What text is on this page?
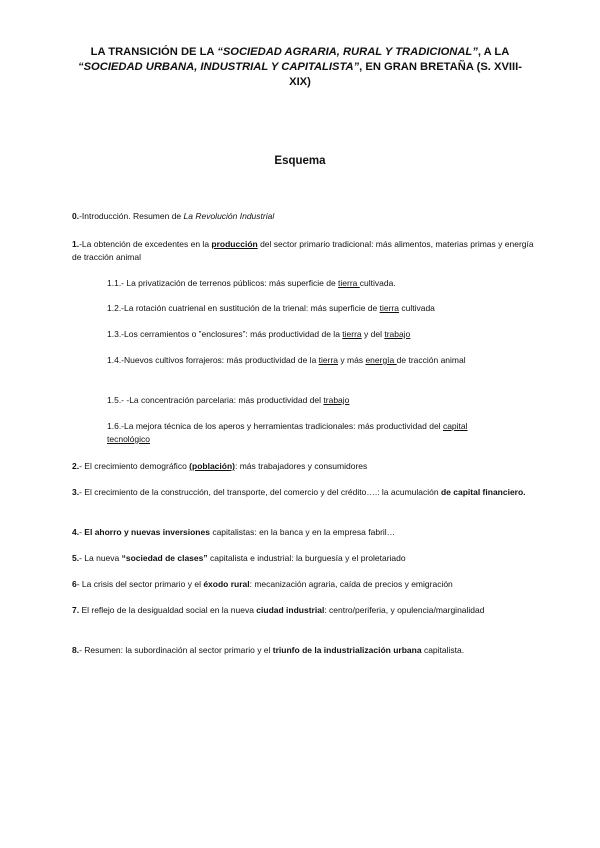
LA TRANSICIÓN DE LA “SOCIEDAD AGRARIA, RURAL Y TRADICIONAL”, A LA “SOCIEDAD URBANA, INDUSTRIAL Y CAPITALISTA”, EN GRAN BRETAÑA (S. XVIII-XIX)
Esquema
0.-Introducción. Resumen de La Revolución Industrial
1.-La obtención de excedentes en la producción del sector primario tradicional: más alimentos, materias primas y energía de tracción animal
1.1.- La privatización de terrenos públicos: más superficie de tierra cultivada.
1.2.-La rotación cuatrienal en sustitución de la trienal: más superficie de tierra cultivada
1.3.-Los cerramientos o ”enclosures”: más productividad de la tierra y del trabajo
1.4.-Nuevos cultivos forrajeros: más productividad de la tierra y más energía de tracción animal
1.5.- -La concentración parcelaria: más productividad del trabajo
1.6.-La mejora técnica de los aperos y herramientas tradicionales: más productividad del capital tecnológico
2.- El crecimiento demográfico (población): más trabajadores y consumidores
3.- El crecimiento de la construcción, del transporte, del comercio y del crédito….: la acumulación de capital financiero.
4.- El ahorro y nuevas inversiones capitalistas: en la banca y en la empresa fabril…
5.- La nueva “sociedad de clases” capitalista e industrial: la burguesía y el proletariado
6- La crisis del sector primario y el éxodo rural: mecanización agraria, caída de precios y emigración
7. El reflejo de la desigualdad social en la nueva ciudad industrial: centro/periferia, y opulencia/marginalidad
8.- Resumen: la subordinación al sector primario y el triunfo de la industrialización urbana capitalista.
